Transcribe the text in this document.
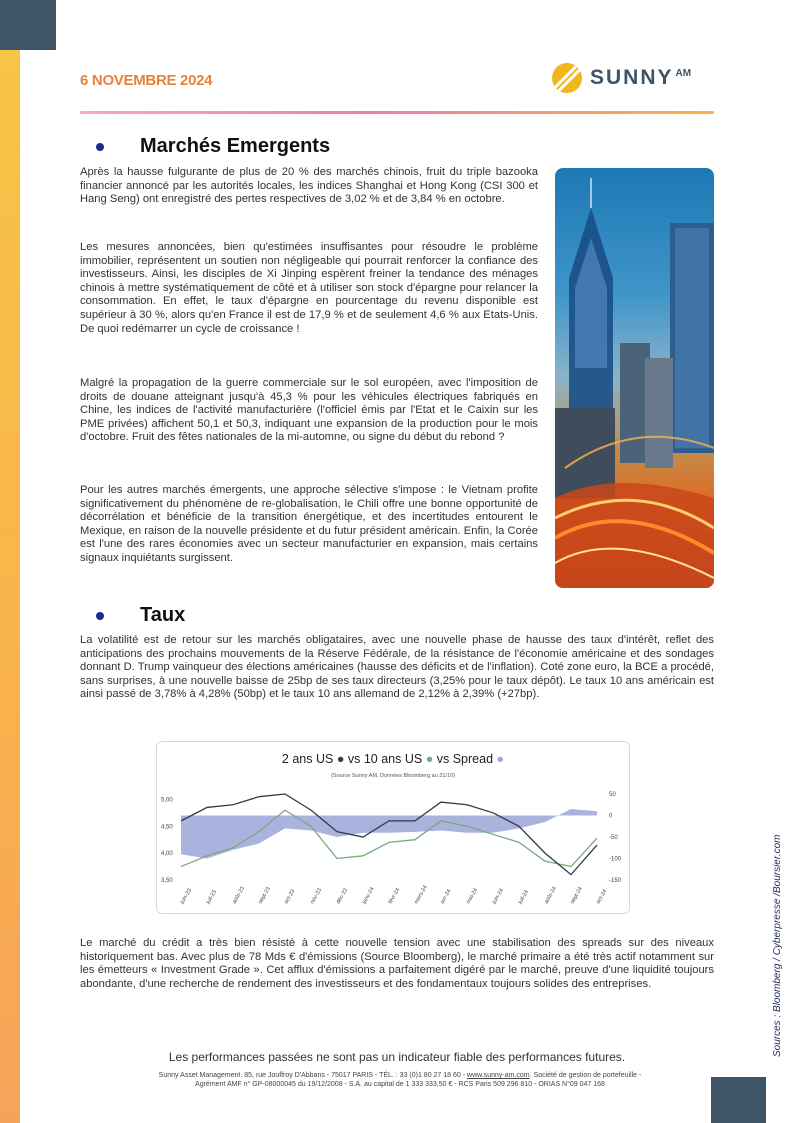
6 NOVEMBRE 2024	SUNNY $^{AM}$
Marchés Emergents

Après la hausse fulgurante de plus de 20 % des marchés chinois, fruit du triple bazooka financier annoncé par les autorités locales, les indices Shanghai et Hong Kong (CSI 300 et Hang Seng) ont enregistré des pertes respectives de 3,02 % et de 3,84 % en octobre.

Les mesures annoncées, bien qu'estimées insuffisantes pour résoudre le problème immobilier, représentent un soutien non négligeable qui pourrait renforcer la confiance des investisseurs. Ainsi, les disciples de Xi Jinping espèrent freiner la tendance des ménages chinois à mettre systématiquement de côté et à utiliser son stock d'épargne pour relancer la consommation. En effet, le taux d'épargne en pourcentage du revenu disponible est supérieur à 30 %, alors qu'en France il est de 17,9 % et de seulement 4,6 % aux Etats-Unis. De quoi redémarrer un cycle de croissance !

Malgré la propagation de la guerre commerciale sur le sol européen, avec l'imposition de droits de douane atteignant jusqu'à 45,3 % pour les véhicules électriques fabriqués en Chine, les indices de l'activité manufacturière (l'officiel émis par l'Etat et le Caixin sur les PME privées) affichent 50,1 et 50,3, indiquant une expansion de la production pour le mois d'octobre. Fruit des fêtes nationales de la mi-automne, ou signe du début du rebond ?

Pour les autres marchés émergents, une approche sélective s'impose : le Vietnam profite significativement du phénomène de re-globalisation, le Chili offre une bonne opportunité de décorrélation et bénéficie de la transition énergétique, et des incertitudes entourent le Mexique, en raison de la nouvelle présidente et du futur président américain. Enfin, la Corée est l'une des rares économies avec un secteur manufacturier en expansion, mais certains signaux inquiétants surgissent.

Taux

La volatilité est de retour sur les marchés obligataires, avec une nouvelle phase de hausse des taux d'intérêt, reflet des anticipations des prochains mouvements de la Réserve Fédérale, de la résistance de l'économie américaine et des sondages donnant D. Trump vainqueur des élections américaines (hausse des déficits et de l'inflation). Coté zone euro, la BCE a procédé, sans surprises, à une nouvelle baisse de 25bp de ses taux directeurs (3,25% pour le taux dépôt). Le taux 10 ans américain est ainsi passé de 3,78% à 4,28% (50bp) et le taux 10 ans allemand de 2,12% à 2,39% (+27bp).

2 ans US ● vs 10 ans US ● vs Spread ●
(Source Sunny AM. Données Bloomberg au 31/10)
5,00
4,50
4,00
3,50
50
0
-50
-100
-150
juin-23 juil-23 août-23 sept-23 oct-23 nov-23 déc-23 janv-24 févr-24 mars-24 avr-24 mai-24 juin-24 juil-24 août-24 sept-24 oct-24

Le marché du crédit a très bien résisté à cette nouvelle tension avec une stabilisation des spreads sur des niveaux historiquement bas. Avec plus de 78 Mds € d'émissions (Source Bloomberg), le marché primaire a été très actif notamment sur les émetteurs « Investment Grade ». Cet afflux d'émissions a parfaitement digéré par le marché, preuve d'une liquidité toujours abondante, d'une recherche de rendement des investisseurs et des fondamentaux toujours solides des entreprises.

Les performances passées ne sont pas un indicateur fiable des performances futures.
Sunny Asset Management. 85, rue Jouffroy D'Abbans - 75017 PARIS - TÉL. : 33 (0)1 80 27 18 60 - www.sunny-am.com. Société de gestion de portefeuille -
Agrément AMF n° GP-08000045 du 19/12/2008 - S.A. au capital de 1 333 333,50 € - RCS Paris 509 296 810 - ORIAS N°09 047 168
Sources : Bloomberg / Cyberpresse /Boursier.com
